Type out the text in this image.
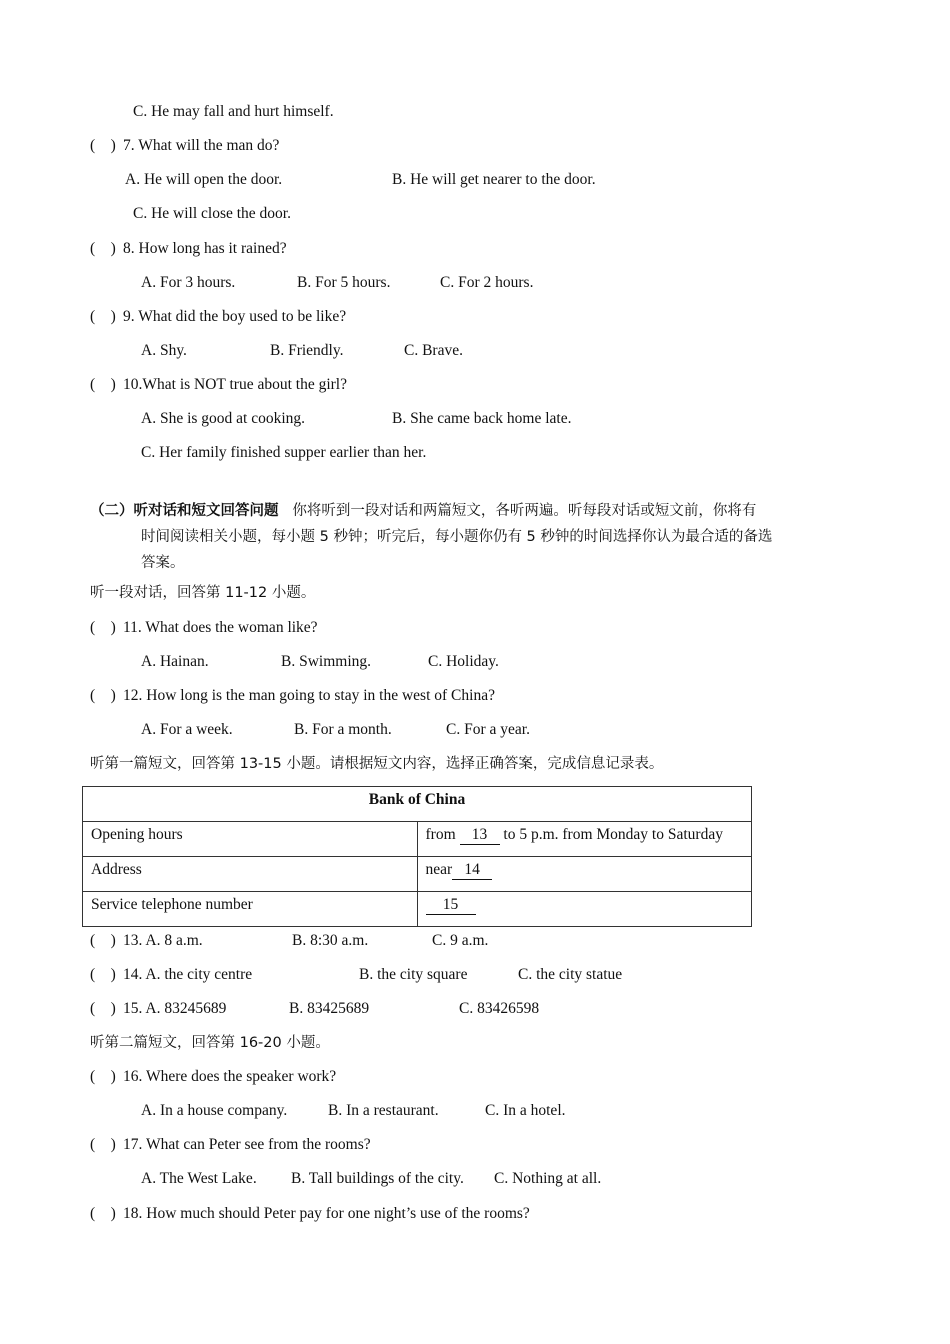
C. He may fall and hurt himself.
(    ) 7. What will the man do?
A. He will open the door.	B. He will get nearer to the door.
C. He will close the door.
(    ) 8. How long has it rained?
A. For 3 hours.	B. For 5 hours.	C. For 2 hours.
(    ) 9. What did the boy used to be like?
A. Shy.	B. Friendly.	C. Brave.
(    ) 10.What is NOT true about the girl?
A. She is good at cooking.	B. She came back home late.
C. Her family finished supper earlier than her.
（二）听对话和短文回答问题 你将听到一段对话和两篇短文，各听两遍。听每段对话或短文前，你将有
时间阅读相关小题，每小题 5 秒钟；听完后，每小题你仍有 5 秒钟的时间选择你认为最合适的备选
答案。
听一段对话，回答第 11-12 小题。
(    ) 11. What does the woman like?
A. Hainan.	B. Swimming.	C. Holiday.
(    ) 12. How long is the man going to stay in the west of China?
A. For a week.	B. For a month.	C. For a year.
听第一篇短文，回答第 13-15 小题。请根据短文内容，选择正确答案，完成信息记录表。
Bank of China	
Opening hours	from 13 to 5 p.m. from Monday to Saturday
Address	near 14
Service telephone number	15
(    ) 13. A. 8 a.m.	B. 8:30 a.m.	C. 9 a.m.
(    ) 14. A. the city centre	B. the city square	C. the city statue
(    ) 15. A. 83245689	B. 83425689	C. 83426598
听第二篇短文，回答第 16-20 小题。
(    ) 16. Where does the speaker work?
A. In a house company.	B. In a restaurant.	C. In a hotel.
(    ) 17. What can Peter see from the rooms?
A. The West Lake. B. Tall buildings of the city. C. Nothing at all.
(    ) 18. How much should Peter pay for one night’s use of the rooms?
